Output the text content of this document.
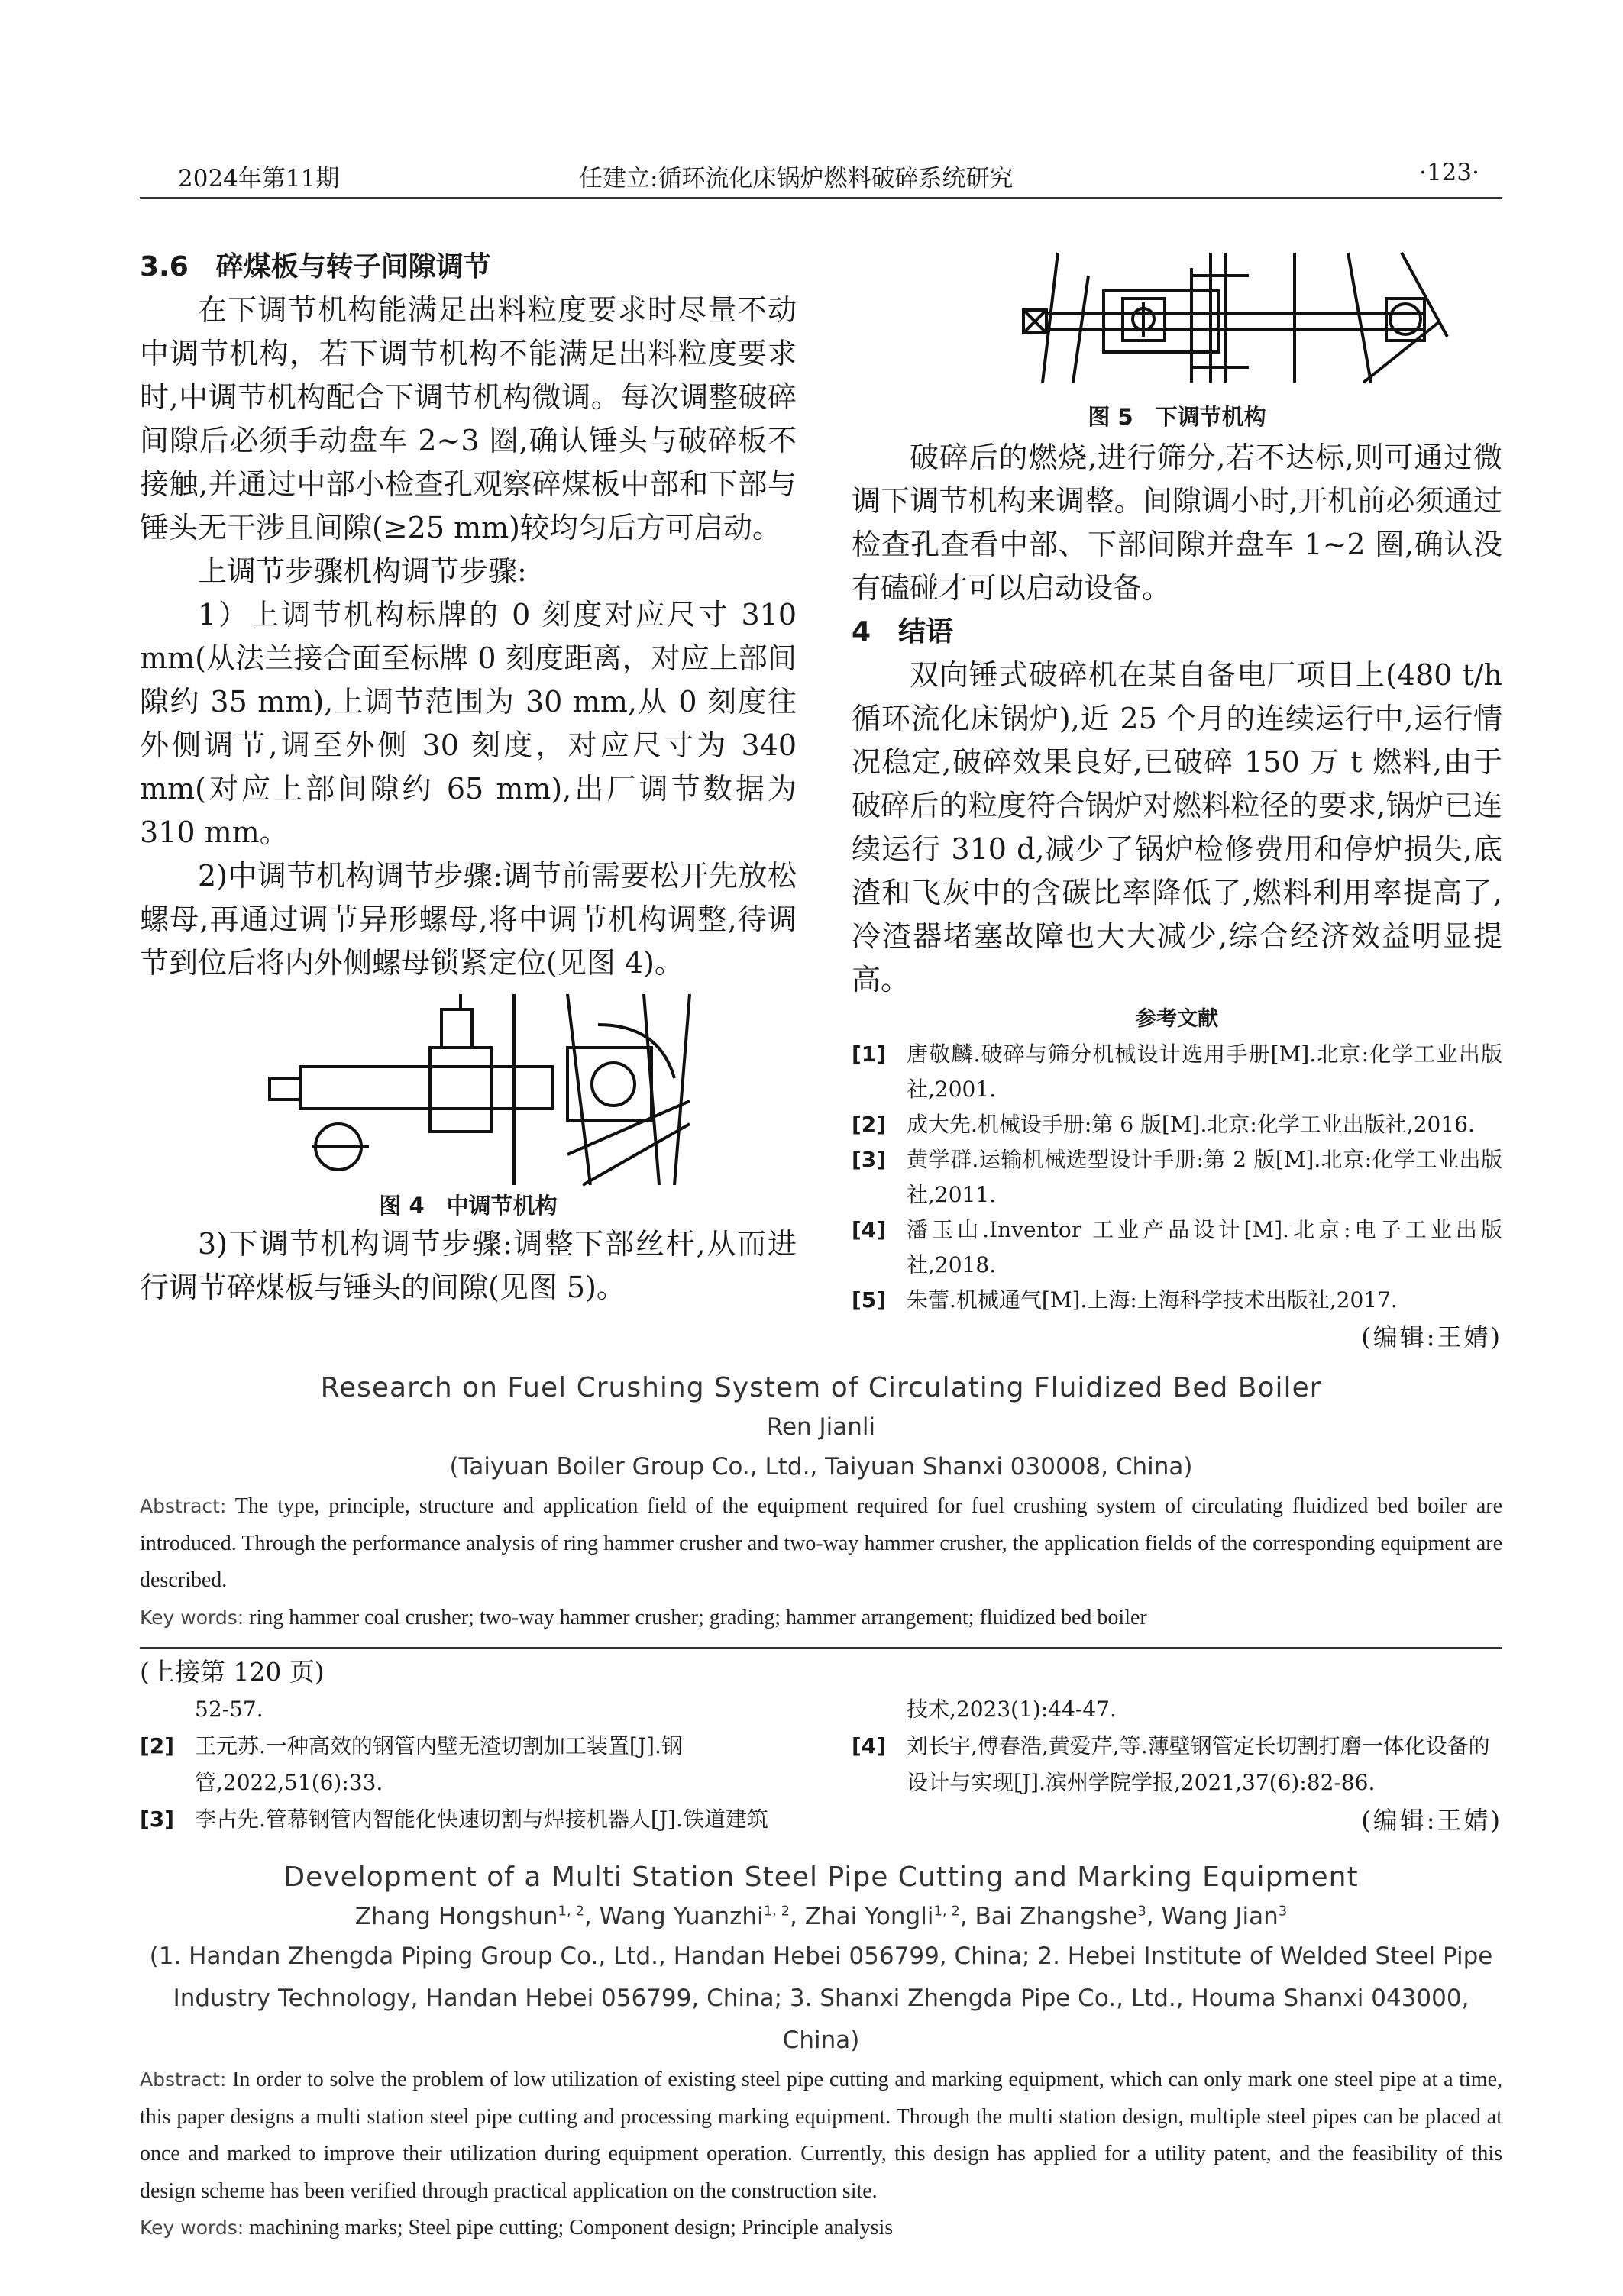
2024年第11期	任建立:循环流化床锅炉燃料破碎系统研究	·123·
3.6　碎煤板与转子间隙调节

在下调节机构能满足出料粒度要求时尽量不动中调节机构，若下调节机构不能满足出料粒度要求时,中调节机构配合下调节机构微调。每次调整破碎间隙后必须手动盘车 2~3 圈,确认锤头与破碎板不接触,并通过中部小检查孔观察碎煤板中部和下部与锤头无干涉且间隙(≥25 mm)较均匀后方可启动。

上调节步骤机构调节步骤:

1）上调节机构标牌的 0 刻度对应尺寸 310 mm(从法兰接合面至标牌 0 刻度距离，对应上部间隙约 35 mm),上调节范围为 30 mm,从 0 刻度往外侧调节,调至外侧 30 刻度，对应尺寸为 340 mm(对应上部间隙约 65 mm),出厂调节数据为 310 mm。

2)中调节机构调节步骤:调节前需要松开先放松螺母,再通过调节异形螺母,将中调节机构调整,待调节到位后将内外侧螺母锁紧定位(见图 4)。

图 4　中调节机构

3)下调节机构调节步骤:调整下部丝杆,从而进行调节碎煤板与锤头的间隙(见图 5)。

图 5　下调节机构

破碎后的燃烧,进行筛分,若不达标,则可通过微调下调节机构来调整。间隙调小时,开机前必须通过检查孔查看中部、下部间隙并盘车 1~2 圈,确认没有磕碰才可以启动设备。

4　结语

双向锤式破碎机在某自备电厂项目上(480 t/h 循环流化床锅炉),近 25 个月的连续运行中,运行情况稳定,破碎效果良好,已破碎 150 万 t 燃料,由于破碎后的粒度符合锅炉对燃料粒径的要求,锅炉已连续运行 310 d,减少了锅炉检修费用和停炉损失,底渣和飞灰中的含碳比率降低了,燃料利用率提高了,冷渣器堵塞故障也大大减少,综合经济效益明显提高。

参考文献
[1] 唐敬麟.破碎与筛分机械设计选用手册[M].北京:化学工业出版社,2001.
[2] 成大先.机械设手册:第 6 版[M].北京:化学工业出版社,2016.
[3] 黄学群.运输机械选型设计手册:第 2 版[M].北京:化学工业出版社,2011.
[4] 潘玉山.Inventor 工业产品设计[M].北京:电子工业出版社,2018.
[5] 朱蕾.机械通气[M].上海:上海科学技术出版社,2017.
(编辑:王婧)
Research on Fuel Crushing System of Circulating Fluidized Bed Boiler
Ren Jianli
(Taiyuan Boiler Group Co., Ltd., Taiyuan Shanxi 030008, China)
Abstract: The type, principle, structure and application field of the equipment required for fuel crushing system of circulating fluidized bed boiler are introduced. Through the performance analysis of ring hammer crusher and two-way hammer crusher, the application fields of the corresponding equipment are described.
Key words: ring hammer coal crusher; two-way hammer crusher; grading; hammer arrangement; fluidized bed boiler
(上接第 120 页)
52-57.
[2] 王元苏.一种高效的钢管内壁无渣切割加工装置[J].钢管,2022,51(6):33.
[3] 李占先.管幕钢管内智能化快速切割与焊接机器人[J].铁道建筑
技术,2023(1):44-47.
[4] 刘长宇,傅春浩,黄爱芹,等.薄壁钢管定长切割打磨一体化设备的设计与实现[J].滨州学院学报,2021,37(6):82-86.
(编辑:王婧)
Development of a Multi Station Steel Pipe Cutting and Marking Equipment
Zhang Hongshun$^{1, 2}$, Wang Yuanzhi$^{1, 2}$, Zhai Yongli$^{1, 2}$, Bai Zhangshe$^3$, Wang Jian$^3$
(1. Handan Zhengda Piping Group Co., Ltd., Handan Hebei 056799, China; 2. Hebei Institute of Welded Steel Pipe Industry Technology, Handan Hebei 056799, China; 3. Shanxi Zhengda Pipe Co., Ltd., Houma Shanxi 043000, China)
Abstract: In order to solve the problem of low utilization of existing steel pipe cutting and marking equipment, which can only mark one steel pipe at a time, this paper designs a multi station steel pipe cutting and processing marking equipment. Through the multi station design, multiple steel pipes can be placed at once and marked to improve their utilization during equipment operation. Currently, this design has applied for a utility patent, and the feasibility of this design scheme has been verified through practical application on the construction site.
Key words: machining marks; Steel pipe cutting; Component design; Principle analysis
